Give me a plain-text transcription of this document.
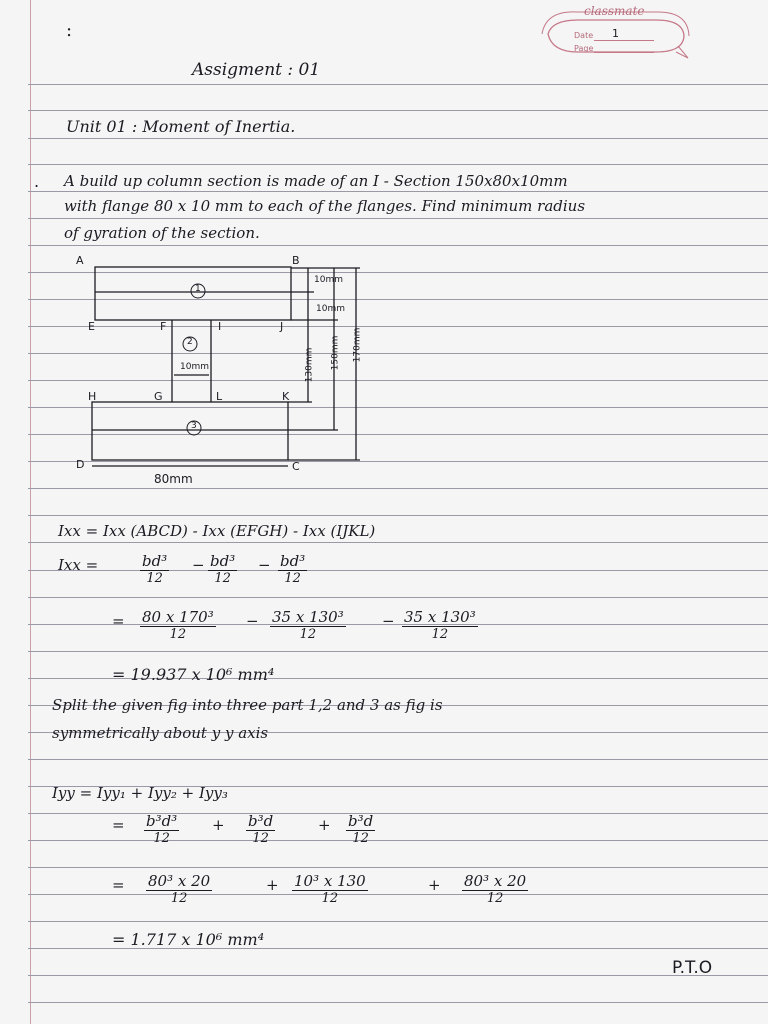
:
classmate
Date 1
Page
Assigment : 01
Unit 01 : Moment of Inertia.
. A build up column section is made of an I - Section 150x80x10mm
with flange 80 x 10 mm to each of the flanges. Find minimum radius
of gyration of the section.
A	B
E	F	I	J
H	G	L	K
D	C
1
2
3
10mm
10mm
130mm 150mm 170mm
10mm
80mm
Ixx = Ixx (ABCD) - Ixx (EFGH) - Ixx (IJKL)
Ixx =	$\frac{\text{bd³}}{12} - \frac{\text{bd³}}{12} - \frac{\text{bd³}}{12}$
= $\frac{\text{80 x 170³}}{12} - \frac{\text{35 x 130³}}{12} - \frac{\text{35 x 130³}}{12}$
= 19.937 x 10⁶ mm⁴
Split the given fig into three part 1,2 and 3 as fig is
symmetrically about y y axis
Iyy = Iyy₁ + Iyy₂ + Iyy₃
= $\frac{\text{b³d³}}{12} + \frac{\text{b³d}}{12}$	+ $\frac{\text{b³d}}{12}$
= $\frac{\text{80³ x 20}}{12}$	+ $\frac{\text{10³ x 130}}{12}$	+ $\frac{\text{80³ x 20}}{12}$
= 1.717 x 10⁶ mm⁴
P.T.O
